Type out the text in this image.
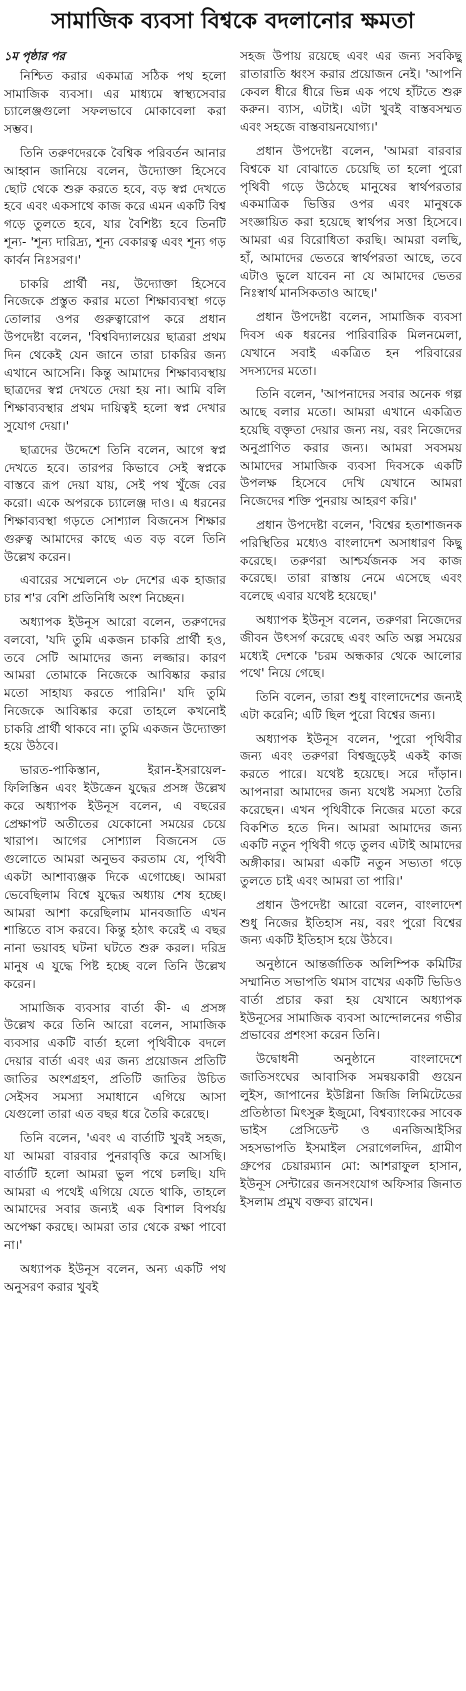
সামাজিক ব্যবসা বিশ্বকে বদলানোর ক্ষমতা
১ম পৃষ্ঠার পর

নিশ্চিত করার একমাত্র সঠিক পথ হলো সামাজিক ব্যবসা। এর মাধ্যমে স্বাস্থ্যসেবার চ্যালেঞ্জগুলো সফলভাবে মোকাবেলা করা সম্ভব।

তিনি তরুণদেরকে বৈশ্বিক পরিবর্তন আনার আহ্বান জানিয়ে বলেন, উদ্যোক্তা হিসেবে ছোট থেকে শুরু করতে হবে, বড় স্বপ্ন দেখতে হবে এবং একসাথে কাজ করে এমন একটি বিশ্ব গড়ে তুলতে হবে, যার বৈশিষ্ট্য হবে তিনটি শূন্য- 'শূন্য দারিদ্র্য, শূন্য বেকারত্ব এবং শূন্য গড় কার্বন নিঃসরণ।'

চাকরি প্রার্থী নয়, উদ্যোক্তা হিসেবে নিজেকে প্রস্তুত করার মতো শিক্ষাব্যবস্থা গড়ে তোলার ওপর গুরুত্বারোপ করে প্রধান উপদেষ্টা বলেন, 'বিশ্ববিদ্যালয়ের ছাত্ররা প্রথম দিন থেকেই যেন জানে তারা চাকরির জন্য এখানে আসেনি। কিন্তু আমাদের শিক্ষাব্যবস্থায় ছাত্রদের স্বপ্ন দেখতে দেয়া হয় না। আমি বলি শিক্ষাব্যবস্থার প্রথম দায়িত্বই হলো স্বপ্ন দেখার সুযোগ দেয়া।'

ছাত্রদের উদ্দেশে তিনি বলেন, আগে স্বপ্ন দেখতে হবে। তারপর কিভাবে সেই স্বপ্নকে বাস্তবে রূপ দেয়া যায়, সেই পথ খুঁজে বের করো। একে অপরকে চ্যালেঞ্জ দাও। এ ধরনের শিক্ষাব্যবস্থা গড়তে সোশ্যাল বিজনেস শিক্ষার গুরুত্ব আমাদের কাছে এত বড় বলে তিনি উল্লেখ করেন।

এবারের সম্মেলনে ৩৮ দেশের এক হাজার চার শ'র বেশি প্রতিনিধি অংশ নিচ্ছেন।

অধ্যাপক ইউনূস আরো বলেন, তরুণদের বলবো, 'যদি তুমি একজন চাকরি প্রার্থী হও, তবে সেটি আমাদের জন্য লজ্জার। কারণ আমরা তোমাকে নিজেকে আবিষ্কার করার মতো সাহায্য করতে পারিনি।' যদি তুমি নিজেকে আবিষ্কার করো তাহলে কখনোই চাকরি প্রার্থী থাকবে না। তুমি একজন উদ্যোক্তা হয়ে উঠবে।

ভারত-পাকিস্তান, ইরান-ইসরায়েল-ফিলিস্তিন এবং ইউক্রেন যুদ্ধের প্রসঙ্গ উল্লেখ করে অধ্যাপক ইউনূস বলেন, এ বছরের প্রেক্ষাপট অতীতের যেকোনো সময়ের চেয়ে খারাপ। আগের সোশ্যাল বিজনেস ডে গুলোতে আমরা অনুভব করতাম যে, পৃথিবী একটা আশাব্যঞ্জক দিকে এগোচ্ছে। আমরা ভেবেছিলাম বিশ্বে যুদ্ধের অধ্যায় শেষ হচ্ছে। আমরা আশা করেছিলাম মানবজাতি এখন শান্তিতে বাস করবে। কিন্তু হঠাৎ করেই এ বছর নানা ভয়াবহ ঘটনা ঘটতে শুরু করল। দরিদ্র মানুষ এ যুদ্ধে পিষ্ট হচ্ছে বলে তিনি উল্লেখ করেন।

সামাজিক ব্যবসার বার্তা কী- এ প্রসঙ্গ উল্লেখ করে তিনি আরো বলেন, সামাজিক ব্যবসার একটি বার্তা হলো পৃথিবীকে বদলে দেয়ার বার্তা এবং এর জন্য প্রয়োজন প্রতিটি জাতির অংশগ্রহণ, প্রতিটি জাতির উচিত সেইসব সমস্যা সমাধানে এগিয়ে আসা যেগুলো তারা এত বছর ধরে তৈরি করেছে।

তিনি বলেন, 'এবং এ বার্তাটি খুবই সহজ, যা আমরা বারবার পুনরাবৃত্তি করে আসছি। বার্তাটি হলো আমরা ভুল পথে চলছি। যদি আমরা এ পথেই এগিয়ে যেতে থাকি, তাহলে আমাদের সবার জন্যই এক বিশাল বিপর্যয় অপেক্ষা করছে। আমরা তার থেকে রক্ষা পাবো না।'

অধ্যাপক ইউনূস বলেন, অন্য একটি পথ অনুসরণ করার খুবই

সহজ উপায় রয়েছে এবং এর জন্য সবকিছু রাতারাতি ধ্বংস করার প্রয়োজন নেই। 'আপনি কেবল ধীরে ধীরে ভিন্ন এক পথে হাঁটতে শুরু করুন। ব্যাস, এটাই। এটা খুবই বাস্তবসম্মত এবং সহজে বাস্তবায়নযোগ্য।'

প্রধান উপদেষ্টা বলেন, 'আমরা বারবার বিশ্বকে যা বোঝাতে চেয়েছি তা হলো পুরো পৃথিবী গড়ে উঠেছে মানুষের স্বার্থপরতার একমাত্রিক ভিত্তির ওপর এবং মানুষকে সংজ্ঞায়িত করা হয়েছে স্বার্থপর সত্তা হিসেবে। আমরা এর বিরোধিতা করছি। আমরা বলছি, হাঁ, আমাদের ভেতরে স্বার্থপরতা আছে, তবে এটাও ভুলে যাবেন না যে আমাদের ভেতর নিঃস্বার্থ মানসিকতাও আছে।'

প্রধান উপদেষ্টা বলেন, সামাজিক ব্যবসা দিবস এক ধরনের পারিবারিক মিলনমেলা, যেখানে সবাই একত্রিত হন পরিবারের সদস্যদের মতো।

তিনি বলেন, 'আপনাদের সবার অনেক গল্প আছে বলার মতো। আমরা এখানে একত্রিত হয়েছি বক্তৃতা দেয়ার জন্য নয়, বরং নিজেদের অনুপ্রাণিত করার জন্য। আমরা সবসময় আমাদের সামাজিক ব্যবসা দিবসকে একটি উপলক্ষ হিসেবে দেখি যেখানে আমরা নিজেদের শক্তি পুনরায় আহরণ করি।'

প্রধান উপদেষ্টা বলেন, 'বিশ্বের হতাশাজনক পরিস্থিতির মধ্যেও বাংলাদেশ অসাধারণ কিছু করেছে। তরুণরা আশ্চর্যজনক সব কাজ করেছে। তারা রাস্তায় নেমে এসেছে এবং বলেছে এবার যথেষ্ট হয়েছে।'

অধ্যাপক ইউনূস বলেন, তরুণরা নিজেদের জীবন উৎসর্গ করেছে এবং অতি অল্প সময়ের মধ্যেই দেশকে 'চরম অন্ধকার থেকে আলোর পথে' নিয়ে গেছে।

তিনি বলেন, তারা শুধু বাংলাদেশের জন্যই এটা করেনি; এটি ছিল পুরো বিশ্বের জন্য।

অধ্যাপক ইউনূস বলেন, 'পুরো পৃথিবীর জন্য এবং তরুণরা বিশ্বজুড়েই একই কাজ করতে পারে। যথেষ্ট হয়েছে। সরে দাঁড়ান। আপনারা আমাদের জন্য যথেষ্ট সমস্যা তৈরি করেছেন। এখন পৃথিবীকে নিজের মতো করে বিকশিত হতে দিন। আমরা আমাদের জন্য একটি নতুন পৃথিবী গড়ে তুলব এটাই আমাদের অঙ্গীকার। আমরা একটি নতুন সভ্যতা গড়ে তুলতে চাই এবং আমরা তা পারি।'

প্রধান উপদেষ্টা আরো বলেন, বাংলাদেশ শুধু নিজের ইতিহাস নয়, বরং পুরো বিশ্বের জন্য একটি ইতিহাস হয়ে উঠবে।

অনুষ্ঠানে আন্তর্জাতিক অলিম্পিক কমিটির সম্মানিত সভাপতি থমাস বাখের একটি ভিডিও বার্তা প্রচার করা হয় যেখানে অধ্যাপক ইউনূসের সামাজিক ব্যবসা আন্দোলনের গভীর প্রভাবের প্রশংসা করেন তিনি।

উদ্বোধনী অনুষ্ঠানে বাংলাদেশে জাতিসংঘের আবাসিক সমন্বয়কারী গুয়েন লুইস, জাপানের ইউগ্লিনা জিজি লিমিটেডের প্রতিষ্ঠাতা মিৎসুরু ইজুমো, বিশ্বব্যাংকের সাবেক ভাইস প্রেসিডেন্ট ও এনজিআইসির সহসভাপতি ইসমাইল সেরাগেলদিন, গ্রামীণ গ্রুপের চেয়ারম্যান মো: আশরাফুল হাসান, ইউনূস সেন্টারের জনসংযোগ অফিসার জিনাত ইসলাম প্রমুখ বক্তব্য রাখেন।
